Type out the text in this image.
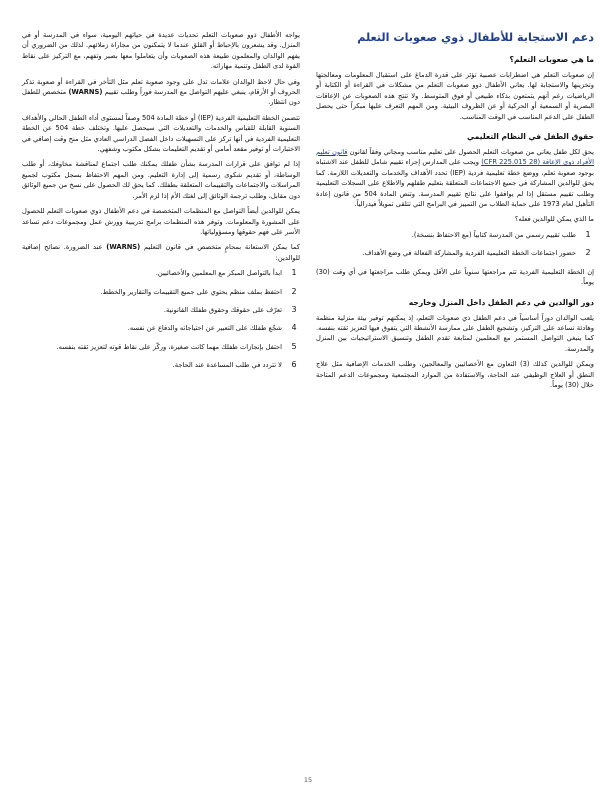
دعم الاستجابة للأطفال ذوي صعوبات التعلم
ما هي صعوبات التعلم؟

إن صعوبات التعلم هي اضطرابات عصبية تؤثر على قدرة الدماغ على استقبال المعلومات ومعالجتها وتخزينها والاستجابة لها. يعاني الأطفال ذوو صعوبات التعلم من مشكلات في القراءة أو الكتابة أو الرياضيات رغم أنهم يتمتعون بذكاء طبيعي أو فوق المتوسط. ولا تنتج هذه الصعوبات عن الإعاقات البصرية أو السمعية أو الحركية أو عن الظروف البيئية. ومن المهم التعرف عليها مبكراً حتى يحصل الطفل على الدعم المناسب في الوقت المناسب.

حقوق الطفل في النظام التعليمي

يحق لكل طفل يعاني من صعوبات التعلم الحصول على تعليم مناسب ومجاني وفقاً لقانون قانون تعليم الأفراد ذوي الإعاقة (28 CFR 225.015) ويجب على المدارس إجراء تقييم شامل للطفل عند الاشتباه بوجود صعوبة تعلم، ووضع خطة تعليمية فردية (IEP) تحدد الأهداف والخدمات والتعديلات اللازمة. كما يحق للوالدين المشاركة في جميع الاجتماعات المتعلقة بتعليم طفلهم والاطلاع على السجلات التعليمية وطلب تقييم مستقل إذا لم يوافقوا على نتائج تقييم المدرسة. وتنص المادة 504 من قانون إعادة التأهيل لعام 1973 على حماية الطلاب من التمييز في البرامج التي تتلقى تمويلاً فيدرالياً.

ما الذي يمكن للوالدين فعله؟

1
طلب تقييم رسمي من المدرسة كتابياً (مع الاحتفاظ بنسخة).
2
حضور اجتماعات الخطة التعليمية الفردية والمشاركة الفعالة في وضع الأهداف.

إن الخطة التعليمية الفردية تتم مراجعتها سنوياً على الأقل ويمكن طلب مراجعتها في أي وقت (30) يوماً.

دور الوالدين في دعم الطفل داخل المنزل وخارجه

يلعب الوالدان دوراً أساسياً في دعم الطفل ذي صعوبات التعلم، إذ يمكنهم توفير بيئة منزلية منظمة وهادئة تساعد على التركيز، وتشجيع الطفل على ممارسة الأنشطة التي يتفوق فيها لتعزيز ثقته بنفسه. كما ينبغي التواصل المستمر مع المعلمين لمتابعة تقدم الطفل وتنسيق الاستراتيجيات بين المنزل والمدرسة.

ويمكن للوالدين كذلك (3) التعاون مع الأخصائيين والمعالجين، وطلب الخدمات الإضافية مثل علاج النطق أو العلاج الوظيفي عند الحاجة، والاستفادة من الموارد المجتمعية ومجموعات الدعم المتاحة خلال (30) يوماً.

يواجه الأطفال ذوو صعوبات التعلم تحديات عديدة في حياتهم اليومية، سواء في المدرسة أو في المنزل. وقد يشعرون بالإحباط أو القلق عندما لا يتمكنون من مجاراة زملائهم. لذلك من الضروري أن يفهم الوالدان والمعلمون طبيعة هذه الصعوبات وأن يتعاملوا معها بصبر وتفهم، مع التركيز على نقاط القوة لدى الطفل وتنمية مهاراته.

وفي حال لاحظ الوالدان علامات تدل على وجود صعوبة تعلم مثل التأخر في القراءة أو صعوبة تذكر الحروف أو الأرقام، ينبغي عليهم التواصل مع المدرسة فوراً وطلب تقييم (WARNS) متخصص للطفل دون انتظار.

تتضمن الخطة التعليمية الفردية (IEP) أو خطة المادة 504 وصفاً لمستوى أداء الطفل الحالي والأهداف السنوية القابلة للقياس والخدمات والتعديلات التي سيحصل عليها. وتختلف خطة 504 عن الخطة التعليمية الفردية في أنها تركز على التسهيلات داخل الفصل الدراسي العادي مثل منح وقت إضافي في الاختبارات أو توفير مقعد أمامي أو تقديم التعليمات بشكل مكتوب وشفهي.

إذا لم توافق على قرارات المدرسة بشأن طفلك يمكنك طلب اجتماع لمناقشة مخاوفك، أو طلب الوساطة، أو تقديم شكوى رسمية إلى إدارة التعليم. ومن المهم الاحتفاظ بسجل مكتوب لجميع المراسلات والاجتماعات والتقييمات المتعلقة بطفلك. كما يحق لك الحصول على نسخ من جميع الوثائق دون مقابل، وطلب ترجمة الوثائق إلى لغتك الأم إذا لزم الأمر.

يمكن للوالدين أيضاً التواصل مع المنظمات المتخصصة في دعم الأطفال ذوي صعوبات التعلم للحصول على المشورة والمعلومات. وتوفر هذه المنظمات برامج تدريبية وورش عمل ومجموعات دعم تساعد الأسر على فهم حقوقها ومسؤولياتها.

كما يمكن الاستعانة بمحامٍ متخصص في قانون التعليم (WARNS) عند الضرورة. نصائح إضافية للوالدين:

1
ابدأ بالتواصل المبكر مع المعلمين والأخصائيين.
2
احتفظ بملف منظم يحتوي على جميع التقييمات والتقارير والخطط.
3
تعرّف على حقوقك وحقوق طفلك القانونية.
4
شجّع طفلك على التعبير عن احتياجاته والدفاع عن نفسه.
5
احتفل بإنجازات طفلك مهما كانت صغيرة، وركّز على نقاط قوته لتعزيز ثقته بنفسه.
6
لا تتردد في طلب المساعدة عند الحاجة.
15
